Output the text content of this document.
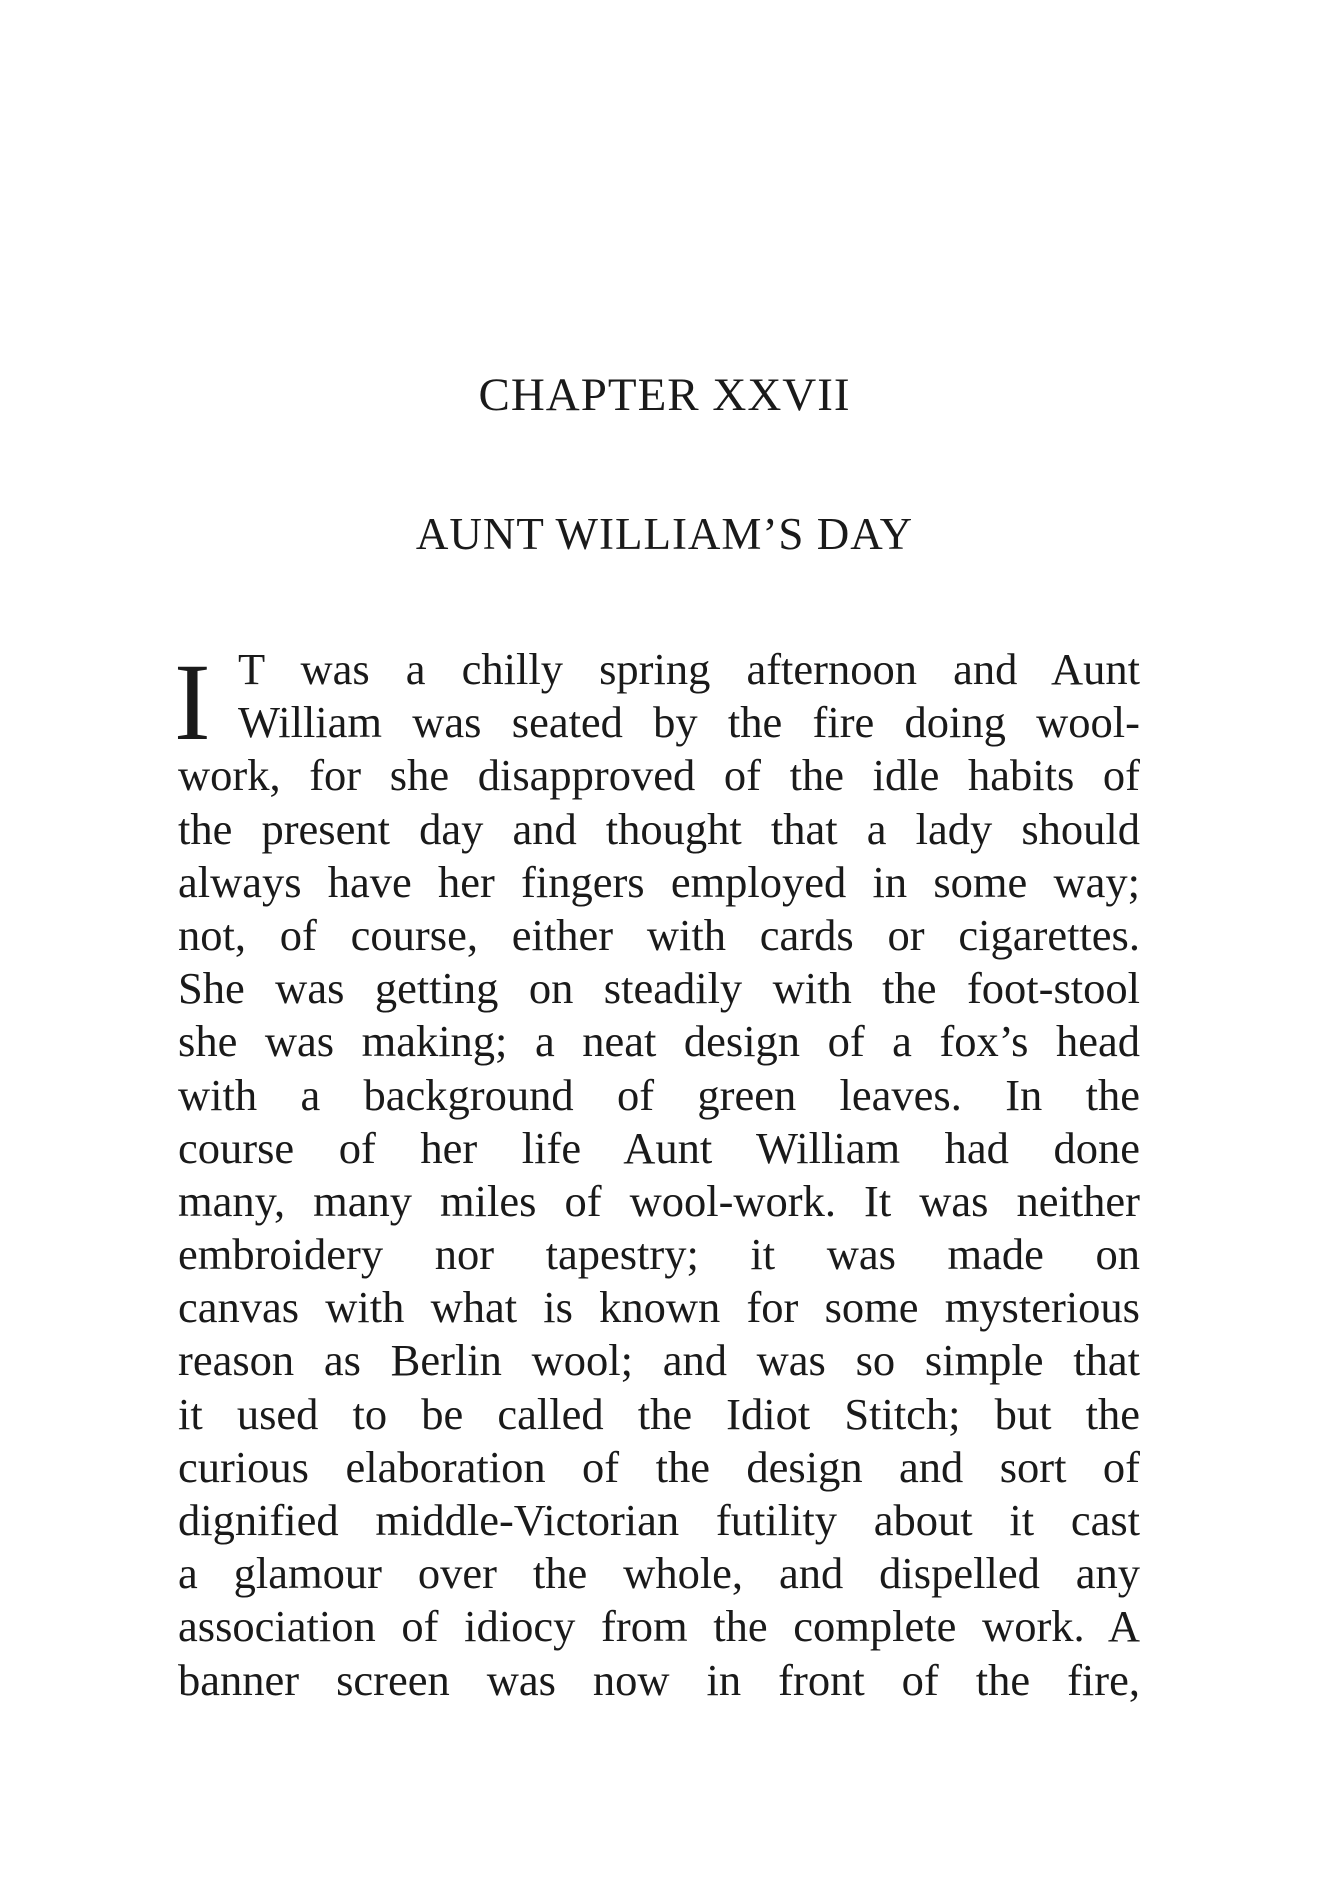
CHAPTER XXVII
AUNT WILLIAM’S DAY
I T was a chilly spring afternoon and Aunt
William was seated by the fire doing wool-
work, for she disapproved of the idle habits of
the present day and thought that a lady should
always have her fingers employed in some way;
not, of course, either with cards or cigarettes.
She was getting on steadily with the foot-stool
she was making; a neat design of a fox’s head
with a background of green leaves. In the
course of her life Aunt William had done
many, many miles of wool-work. It was neither
embroidery nor tapestry; it was made on
canvas with what is known for some mysterious
reason as Berlin wool; and was so simple that
it used to be called the Idiot Stitch; but the
curious elaboration of the design and sort of
dignified middle-Victorian futility about it cast
a glamour over the whole, and dispelled any
association of idiocy from the complete work. A
banner screen was now in front of the fire,
